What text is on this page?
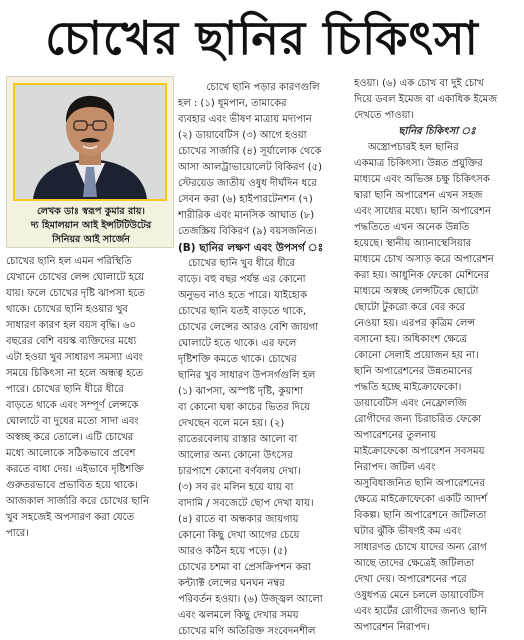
চোখের ছানির চিকিৎসা
লেখক ডাঃ স্বরূপ কুমার রায়।
দ্য হিমালয়ান আই ইন্সটিটিউটের
সিনিয়র আই সার্জেন

চোখের ছানি হল এমন পরিস্থিতি

যেখানে চোখের লেন্স ঘোলাটে হয়ে

যায়। ফলে চোখের দৃষ্টি ঝাপসা হতে

থাকে। চোখের ছানি হওয়ার খুব

সাধারণ কারণ হল বয়স বৃদ্ধি। ৬০

বছরের বেশি বয়স্ক ব্যক্তিদের মধ্যে

এটা হওয়া খুব সাধারণ সমস্যা এবং

সময়ে চিকিৎসা না হলে অন্ধত্ব হতে

পারে। চোখের ছানি ধীরে ধীরে

বাড়তে থাকে এবং সম্পূর্ণ লেন্সকে

ঘোলাটে বা দুধের মতো সাদা এবং

অস্বচ্ছ করে তোলে। এটি চোখের

মধ্যে আলোকে সঠিকভাবে প্রবেশ

করতে বাধা দেয়। এইভাবে দৃষ্টিশক্তি

গুরুতরভাবে প্রভাবিত হয়ে থাকে।

আজকাল সার্জারি করে চোখের ছানি

খুব সহজেই অপসারণ করা যেতে

পারে।

চোখে ছানি পড়ার কারণগুলি

হল : (১) ধূমপান, তামাকের

ব্যবহার এবং ভীষণ মাত্রায় মদ্যপান

(২) ডায়াবেটিস (৩) আগে হওয়া

চোখের সার্জারি (৪) সূর্যালোক থেকে

আসা আলট্রাভায়োলেট বিকিরণ (৫)

স্টেরয়েড জাতীয় ওষুধ দীর্ঘদিন ধরে

সেবন করা (৬) হাইপারটেনশন (৭)

শারীরিক এবং মানসিক আঘাত (৮)

তেজস্ক্রিয় বিকিরণ (৯) বয়সজনিত।

(B) ছানির লক্ষণ এবং উপসর্গ ঃ

চোখের ছানি খুব ধীরে ধীরে

বাড়ে। বহু বছর পর্যন্ত এর কোনো

অনুভব নাও হতে পারে। যাইহোক

চোখের ছানি যতই বাড়তে থাকে,

চোখের লেন্সের আরও বেশি জায়গা

ঘোলাটে হতে থাকে। এর ফলে

দৃষ্টিশক্তি কমতে থাকে। চোখের

ছানির খুব সাধারণ উপসর্গগুলি হল

(১) ঝাপসা, অস্পষ্ট দৃষ্টি, কুয়াশা

বা কোনো ঘষা কাচের ভিতর দিয়ে

দেখছেন বলে মনে হয়। (২)

রাতেরবেলায় রাস্তার আলো বা

আলোর অন্য কোনো উৎসের

চারপাশে কোনো বর্ণবলয় দেখা।

(৩) সব রং মলিন হয়ে যায় বা

বাদামি / সবজেটে ছোপ দেখা যায়।

(৪) রাতে বা অন্ধকার জায়গায়

কোনো কিছু দেখা আগের চেয়ে

আরও কঠিন হয়ে পড়ে। (৫)

চোখের চশমা বা প্রেসক্রিপশন করা

কন্ট্যাক্ট লেন্সের ঘনঘন নম্বর

পরিবর্তন হওয়া। (৬) উজ্জ্বল আলো

এবং ঝলমলে কিছু দেখার সময়

চোখের মণি অতিরিক্ত সংবেদনশীল

হওয়া। (৬) এক চোখ বা দুই চোখ

দিয়ে ডবল ইমেজ বা একাধিক ইমেজ

দেখতে পাওয়া।

ছানির চিকিৎসা ঃ

অস্ত্রোপচারই হল ছানির

একমাত্র চিকিৎসা। উন্নত প্রযুক্তির

মাধ্যমে এবং অভিজ্ঞ চক্ষু চিকিৎসক

দ্বারা ছানি অপারেশন এখন সহজ

এবং সাধ্যের মধ্যে। ছানি অপারেশন

পদ্ধতিতে এখন অনেক উন্নতি

হয়েছে। স্থানীয় অ্যানাস্থেসিয়ার

মাধ্যমে চোখ অসাড় করে অপারেশন

করা হয়। আধুনিক ফেকো মেশিনের

মাধ্যমে অস্বচ্ছ লেন্সটিকে ছোটো

ছোটো টুকরো করে বের করে

নেওয়া হয়। এরপর কৃত্রিম লেন্স

বসানো হয়। অধিকাংশ ক্ষেত্রে

কোনো সেলাই প্রয়োজন হয় না।

ছানি অপারেশনের উন্নতমানের

পদ্ধতি হচ্ছে মাইক্রোফেকো।

ডায়াবেটিস এবং নেফ্রোলজি

রোগীদের জন্য চিরাচরিত ফেকো

অপারেশনের তুলনায়

মাইক্রোফেকো অপারেশন সবসময়

নিরাপদ। জটিল এবং

অসুবিধাজনিত ছানি অপারেশনের

ক্ষেত্রে মাইক্রোফেকো একটি আদর্শ

বিকল্প। ছানি অপারেশনে জটিলতা

ঘটার ঝুঁকি ভীষণই কম এবং

সাধারণত চোখে যাদের অন্য রোগ

আছে তাদের ক্ষেত্রেই জটিলতা

দেখা দেয়। অপারেশনের পরে

ওষুধপত্র মেনে চললে ডায়াবেটিস

এবং হার্টের রোগীদের জন্যও ছানি

অপারেশন নিরাপদ।
